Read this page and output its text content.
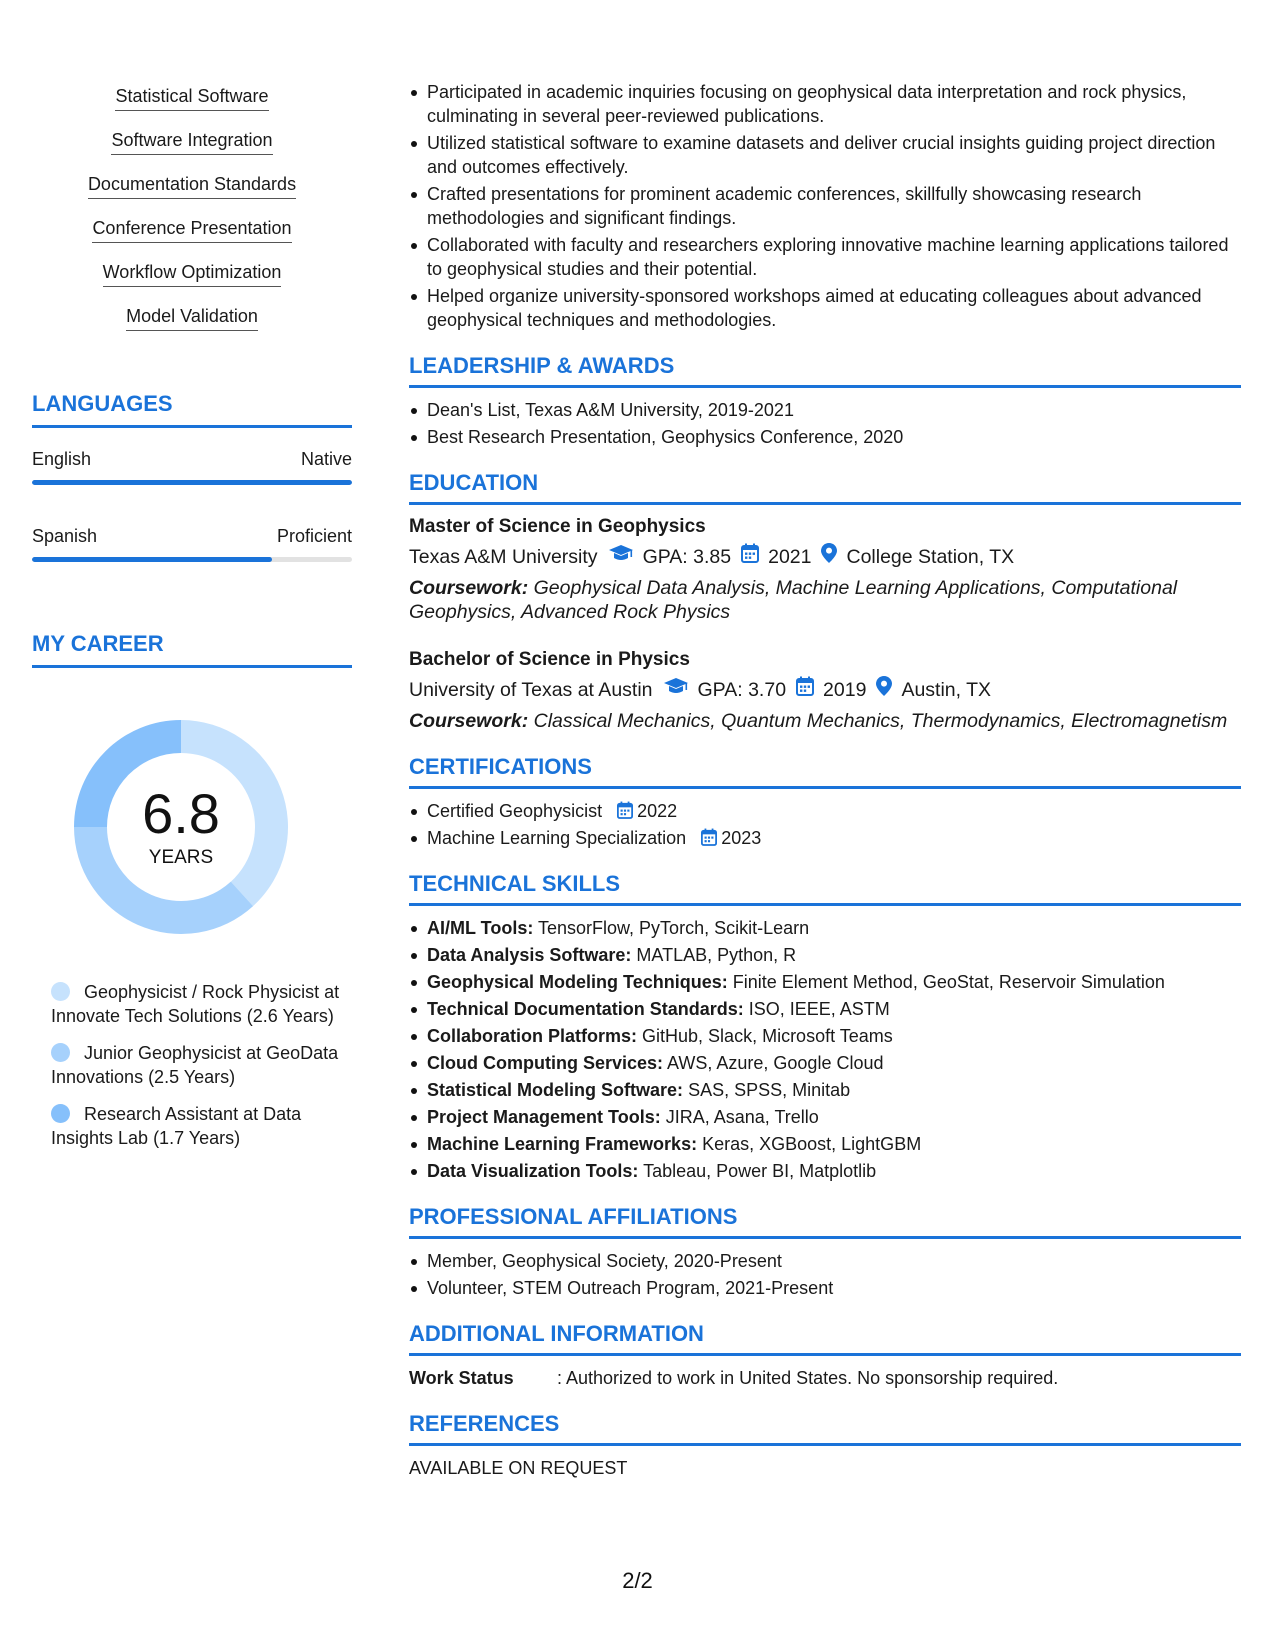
Statistical Software
Software Integration
Documentation Standards
Conference Presentation
Workflow Optimization
Model Validation
LANGUAGES
English	Native
Spanish	Proficient
MY CAREER
6.8
YEARS
Geophysicist / Rock Physicist at Innovate Tech Solutions (2.6 Years)
Junior Geophysicist at GeoData Innovations (2.5 Years)
Research Assistant at Data Insights Lab (1.7 Years)
Participated in academic inquiries focusing on geophysical data interpretation and rock physics, culminating in several peer-reviewed publications.
Utilized statistical software to examine datasets and deliver crucial insights guiding project direction and outcomes effectively.
Crafted presentations for prominent academic conferences, skillfully showcasing research methodologies and significant findings.
Collaborated with faculty and researchers exploring innovative machine learning applications tailored to geophysical studies and their potential.
Helped organize university-sponsored workshops aimed at educating colleagues about advanced geophysical techniques and methodologies.
LEADERSHIP & AWARDS
Dean's List, Texas A&M University, 2019-2021
Best Research Presentation, Geophysics Conference, 2020
EDUCATION
Master of Science in Geophysics
Texas A&M University GPA: 3.85 2021 College Station, TX
Coursework: Geophysical Data Analysis, Machine Learning Applications, Computational Geophysics, Advanced Rock Physics
Bachelor of Science in Physics
University of Texas at Austin GPA: 3.70 2019 Austin, TX
Coursework: Classical Mechanics, Quantum Mechanics, Thermodynamics, Electromagnetism
CERTIFICATIONS
Certified Geophysicist 2022
Machine Learning Specialization 2023
TECHNICAL SKILLS
AI/ML Tools: TensorFlow, PyTorch, Scikit-Learn
Data Analysis Software: MATLAB, Python, R
Geophysical Modeling Techniques: Finite Element Method, GeoStat, Reservoir Simulation
Technical Documentation Standards: ISO, IEEE, ASTM
Collaboration Platforms: GitHub, Slack, Microsoft Teams
Cloud Computing Services: AWS, Azure, Google Cloud
Statistical Modeling Software: SAS, SPSS, Minitab
Project Management Tools: JIRA, Asana, Trello
Machine Learning Frameworks: Keras, XGBoost, LightGBM
Data Visualization Tools: Tableau, Power BI, Matplotlib
PROFESSIONAL AFFILIATIONS
Member, Geophysical Society, 2020-Present
Volunteer, STEM Outreach Program, 2021-Present
ADDITIONAL INFORMATION
Work Status	: Authorized to work in United States. No sponsorship required.
REFERENCES
AVAILABLE ON REQUEST
2/2
